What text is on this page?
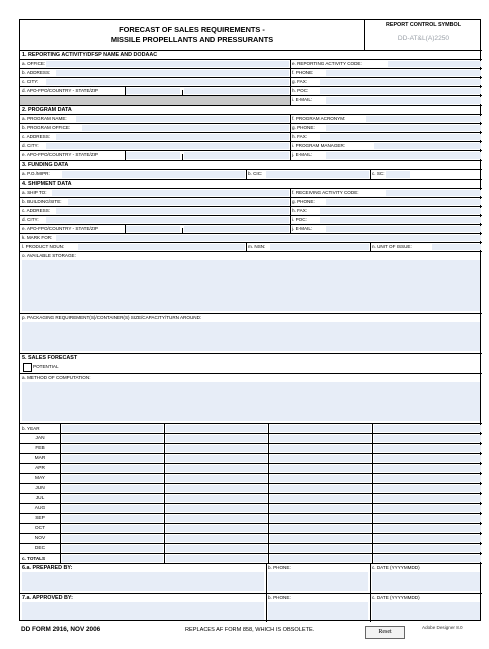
FORECAST OF SALES REQUIREMENTS -
MISSILE PROPELLANTS AND PRESSURANTS
REPORT CONTROL SYMBOL
DD-AT&L(A)2250
1. REPORTING ACTIVITY/DFSP NAME AND DODAAC
a. OFFICE:	e. REPORTING ACTIVITY CODE:
b. ADDRESS:	f. PHONE:
c. CITY:	g. FAX:
d. APO-FPO/COUNTRY - STATE/ZIP	h. POC:
i. E-MAIL:
2. PROGRAM DATA
a. PROGRAM NAME:	f. PROGRAM ACRONYM:
b. PROGRAM OFFICE:	g. PHONE:
c. ADDRESS:	h. FAX:
d. CITY:	i. PROGRAM MANAGER:
e. APO-FPO/COUNTRY - STATE/ZIP	j. E-MAIL:
3. FUNDING DATA
a. P.O./MIPR:	b. CIC:	c. SC:
4. SHIPMENT DATA
a. SHIP TO:	f. RECEIVING ACTIVITY CODE:
b. BUILDING/SITE:	g. PHONE:
c. ADDRESS:	h. FAX:
d. CITY:	i. POC:
e. APO-FPO/COUNTRY - STATE/ZIP	j. E-MAIL:
k. MARK FOR:
l. PRODUCT NOUN:	m. NSN:	n. UNIT OF ISSUE:
o. AVAILABLE STORAGE:
p. PACKAGING REQUIREMENT(S)/CONTAINER(S) SIZE/CAPACITY/TURN AROUND:
5. SALES FORECAST
POTENTIAL
a. METHOD OF COMPUTATION:
b. YEAR
JAN
FEB
MAR
APR
MAY
JUN
JUL
AUG
SEP
OCT
NOV
DEC
c. TOTALS
6.a. PREPARED BY:	b. PHONE:	c. DATE (YYYYMMDD)
7.a. APPROVED BY:	b. PHONE:	c. DATE (YYYYMMDD)
DD FORM 2916, NOV 2006	REPLACES AF FORM 858, WHICH IS OBSOLETE.	Reset
Adobe Designer 8.0
